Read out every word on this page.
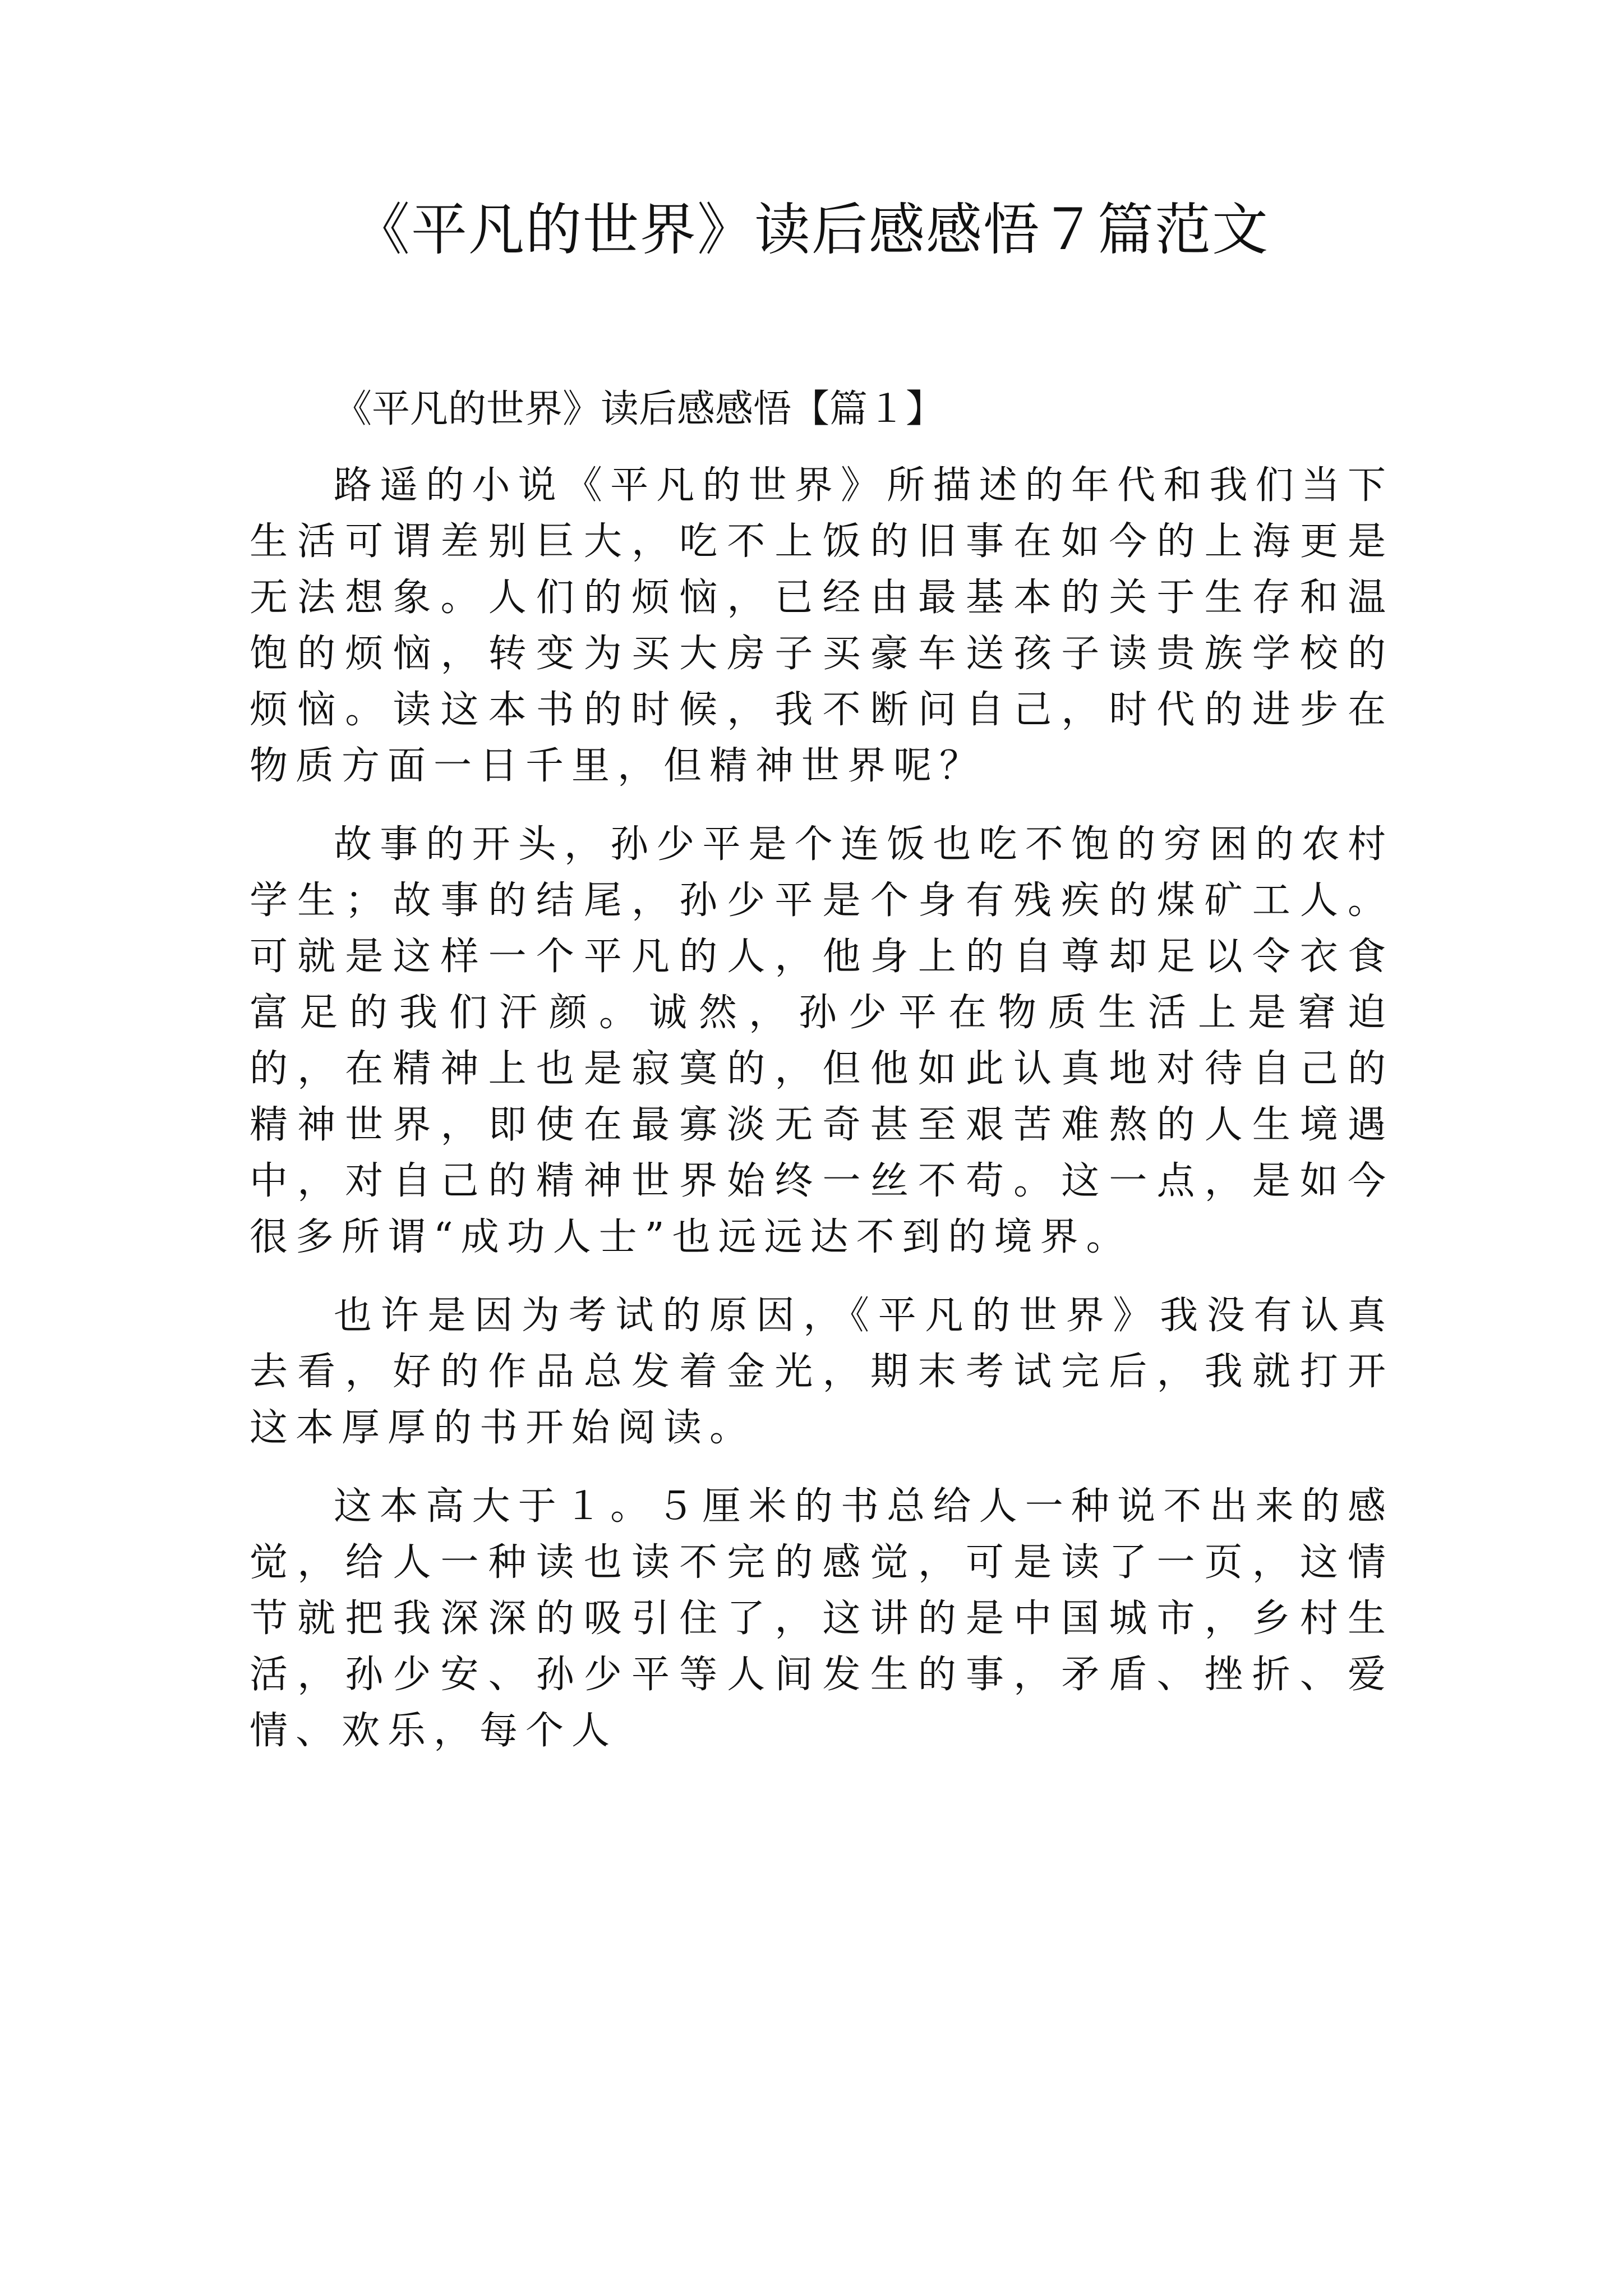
《平凡的世界》读后感感悟７篇范文

《平凡的世界》读后感感悟【篇１】

路遥的小说《平凡的世界》所描述的年代和我们当下生活可谓差别巨大，吃不上饭的旧事在如今的上海更是无法想象。人们的烦恼，已经由最基本的关于生存和温饱的烦恼，转变为买大房子买豪车送孩子读贵族学校的烦恼。读这本书的时候，我不断问自己，时代的进步在物质方面一日千里，但精神世界呢？

故事的开头，孙少平是个连饭也吃不饱的穷困的农村学生；故事的结尾，孙少平是个身有残疾的煤矿工人。可就是这样一个平凡的人，他身上的自尊却足以令衣食富足的我们汗颜。诚然，孙少平在物质生活上是窘迫的，在精神上也是寂寞的，但他如此认真地对待自己的精神世界，即使在最寡淡无奇甚至艰苦难熬的人生境遇中，对自己的精神世界始终一丝不苟。这一点，是如今很多所谓“成功人士”也远远达不到的境界。

也许是因为考试的原因，《平凡的世界》我没有认真去看，好的作品总发着金光，期末考试完后，我就打开这本厚厚的书开始阅读。

这本高大于１。５厘米的书总给人一种说不出来的感觉，给人一种读也读不完的感觉，可是读了一页，这情节就把我深深的吸引住了，这讲的是中国城市，乡村生活，孙少安、孙少平等人间发生的事，矛盾、挫折、爱情、欢乐，每个人
